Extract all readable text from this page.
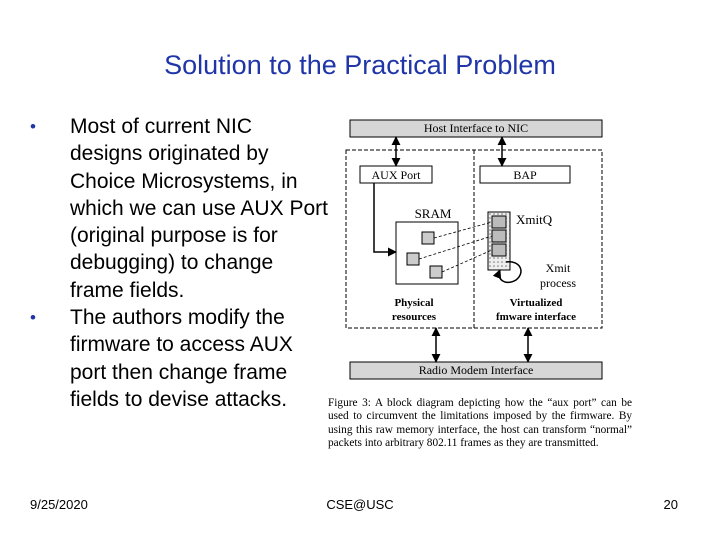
Solution to the Practical Problem
• Most of current NIC designs originated by Choice Microsystems, in which we can use AUX Port (original purpose is for debugging) to change frame fields.
• The authors modify the firmware to access AUX port then change frame fields to devise attacks.
Host Interface to NIC
AUX Port	BAP
SRAM	XmitQ
Xmit
process
Physical
resources
Virtualized
fmware interface
Radio Modem Interface
Figure 3: A block diagram depicting how the “aux port” can be used to circumvent the limitations imposed by the firmware. By using this raw memory interface, the host can transform “normal” packets into arbitrary 802.11 frames as they are transmitted.
9/25/2020	CSE@USC	20
